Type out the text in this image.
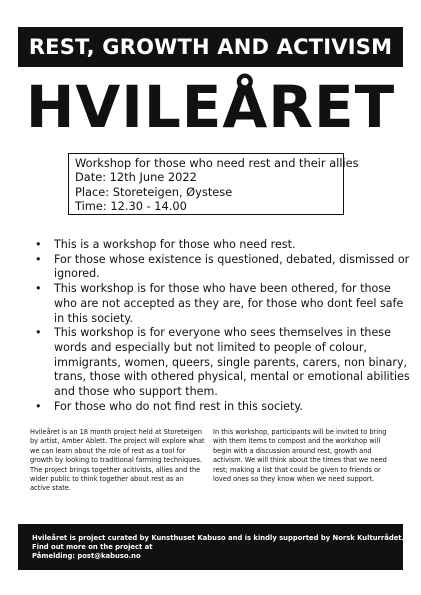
REST, GROWTH AND ACTIVISM
HVILEÅRET
Workshop for those who need rest and their allies
Date: 12th June 2022
Place: Storeteigen, Øystese
Time: 12.30 - 14.00
• This is a workshop for those who need rest.
• For those whose existence is questioned, debated, dismissed or ignored.
• This workshop is for those who have been othered, for those who are not accepted as they are, for those who dont feel safe in this society.
• This workshop is for everyone who sees themselves in these words and especially but not limited to people of colour, immigrants, women, queers, single parents, carers, non binary, trans, those with othered physical, mental or emotional abilities and those who support them.
• For those who do not find rest in this society.
Hvileåret is an 18 month project held at Storeteigen by artist, Amber Ablett. The project will explore what we can learn about the role of rest as a tool for growth by looking to traditional farming techniques. The project brings together acitivists, allies and the wider public to think together about rest as an active state.
In this workshop, participants will be invited to bring with them items to compost and the workshop will begin with a discussion around rest, growth and activism. We will think about the times that we need rest; making a list that could be given to friends or loved ones so they know when we need support.
Hvileåret is project curated by Kunsthuset Kabuso and is kindly supported by Norsk Kulturrådet.
Find out more on the project at
Påmelding: post@kabuso.no
